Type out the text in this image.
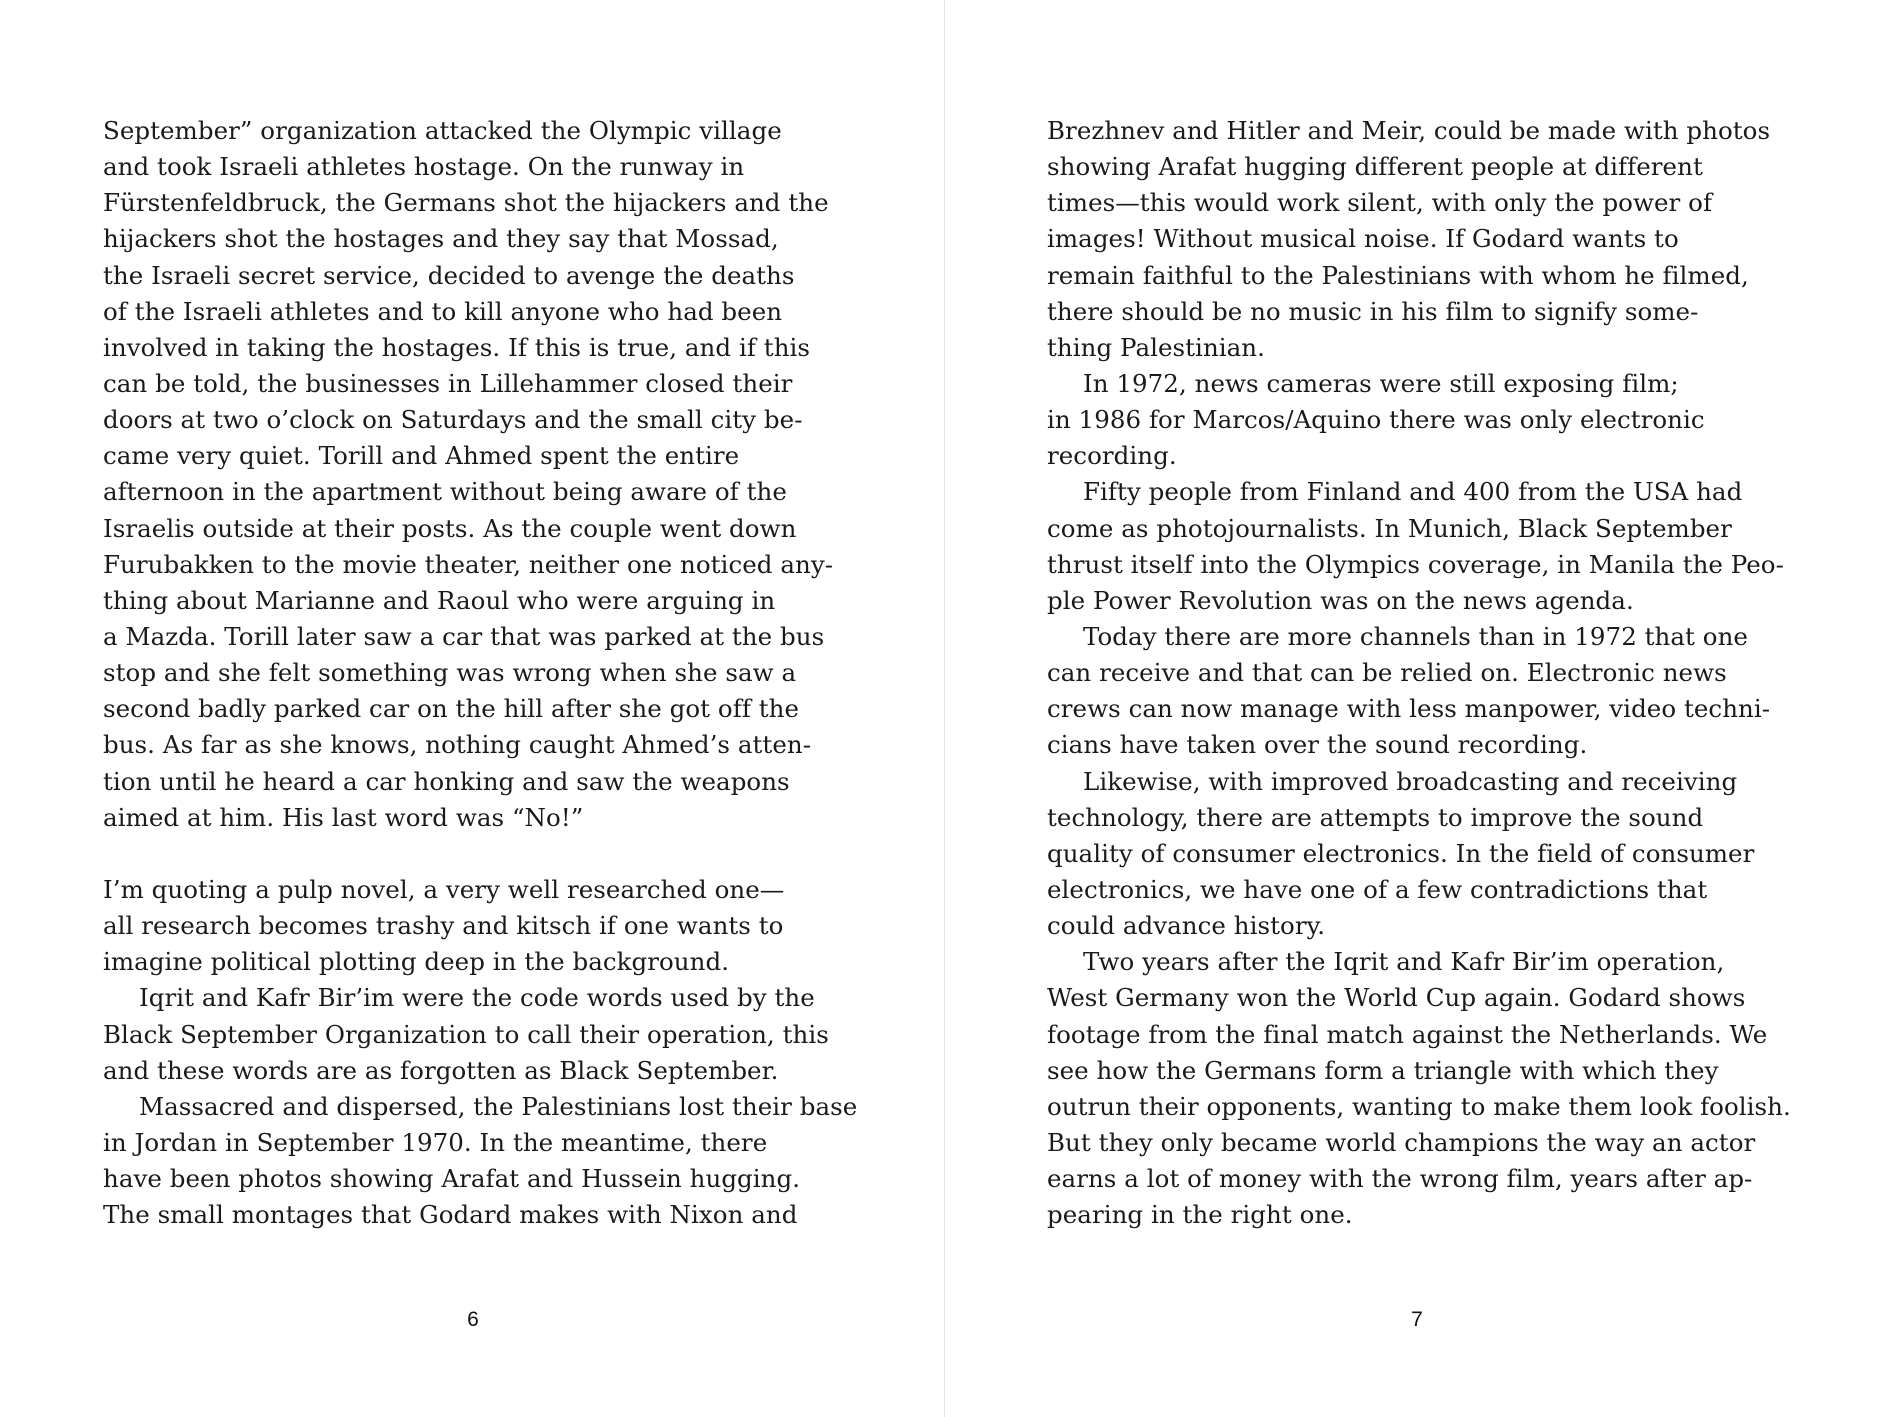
September” organization attacked the Olympic village
and took Israeli athletes hostage. On the runway in
Fürstenfeldbruck, the Germans shot the hijackers and the
hijackers shot the hostages and they say that Mossad,
the Israeli secret service, decided to avenge the deaths
of the Israeli athletes and to kill anyone who had been
involved in taking the hostages. If this is true, and if this
can be told, the businesses in Lillehammer closed their
doors at two o’clock on Saturdays and the small city be-
came very quiet. Torill and Ahmed spent the entire
afternoon in the apartment without being aware of the
Israelis outside at their posts. As the couple went down
Furubakken to the movie theater, neither one noticed any-
thing about Marianne and Raoul who were arguing in
a Mazda. Torill later saw a car that was parked at the bus
stop and she felt something was wrong when she saw a
second badly parked car on the hill after she got off the
bus. As far as she knows, nothing caught Ahmed’s atten-
tion until he heard a car honking and saw the weapons
aimed at him. His last word was “No!”
I’m quoting a pulp novel, a very well researched one—
all research becomes trashy and kitsch if one wants to
imagine political plotting deep in the background.
Iqrit and Kafr Bir’im were the code words used by the
Black September Organization to call their operation, this
and these words are as forgotten as Black September.
Massacred and dispersed, the Palestinians lost their base
in Jordan in September 1970. In the meantime, there
have been photos showing Arafat and Hussein hugging.
The small montages that Godard makes with Nixon and
6
Brezhnev and Hitler and Meir, could be made with photos
showing Arafat hugging different people at different
times—this would work silent, with only the power of
images! Without musical noise. If Godard wants to
remain faithful to the Palestinians with whom he filmed,
there should be no music in his film to signify some-
thing Palestinian.
In 1972, news cameras were still exposing film;
in 1986 for Marcos/Aquino there was only electronic
recording.
Fifty people from Finland and 400 from the USA had
come as photojournalists. In Munich, Black September
thrust itself into the Olympics coverage, in Manila the Peo-
ple Power Revolution was on the news agenda.
Today there are more channels than in 1972 that one
can receive and that can be relied on. Electronic news
crews can now manage with less manpower, video techni-
cians have taken over the sound recording.
Likewise, with improved broadcasting and receiving
technology, there are attempts to improve the sound
quality of consumer electronics. In the field of consumer
electronics, we have one of a few contradictions that
could advance history.
Two years after the Iqrit and Kafr Bir’im operation,
West Germany won the World Cup again. Godard shows
footage from the final match against the Netherlands. We
see how the Germans form a triangle with which they
outrun their opponents, wanting to make them look foolish.
But they only became world champions the way an actor
earns a lot of money with the wrong film, years after ap-
pearing in the right one.
7
